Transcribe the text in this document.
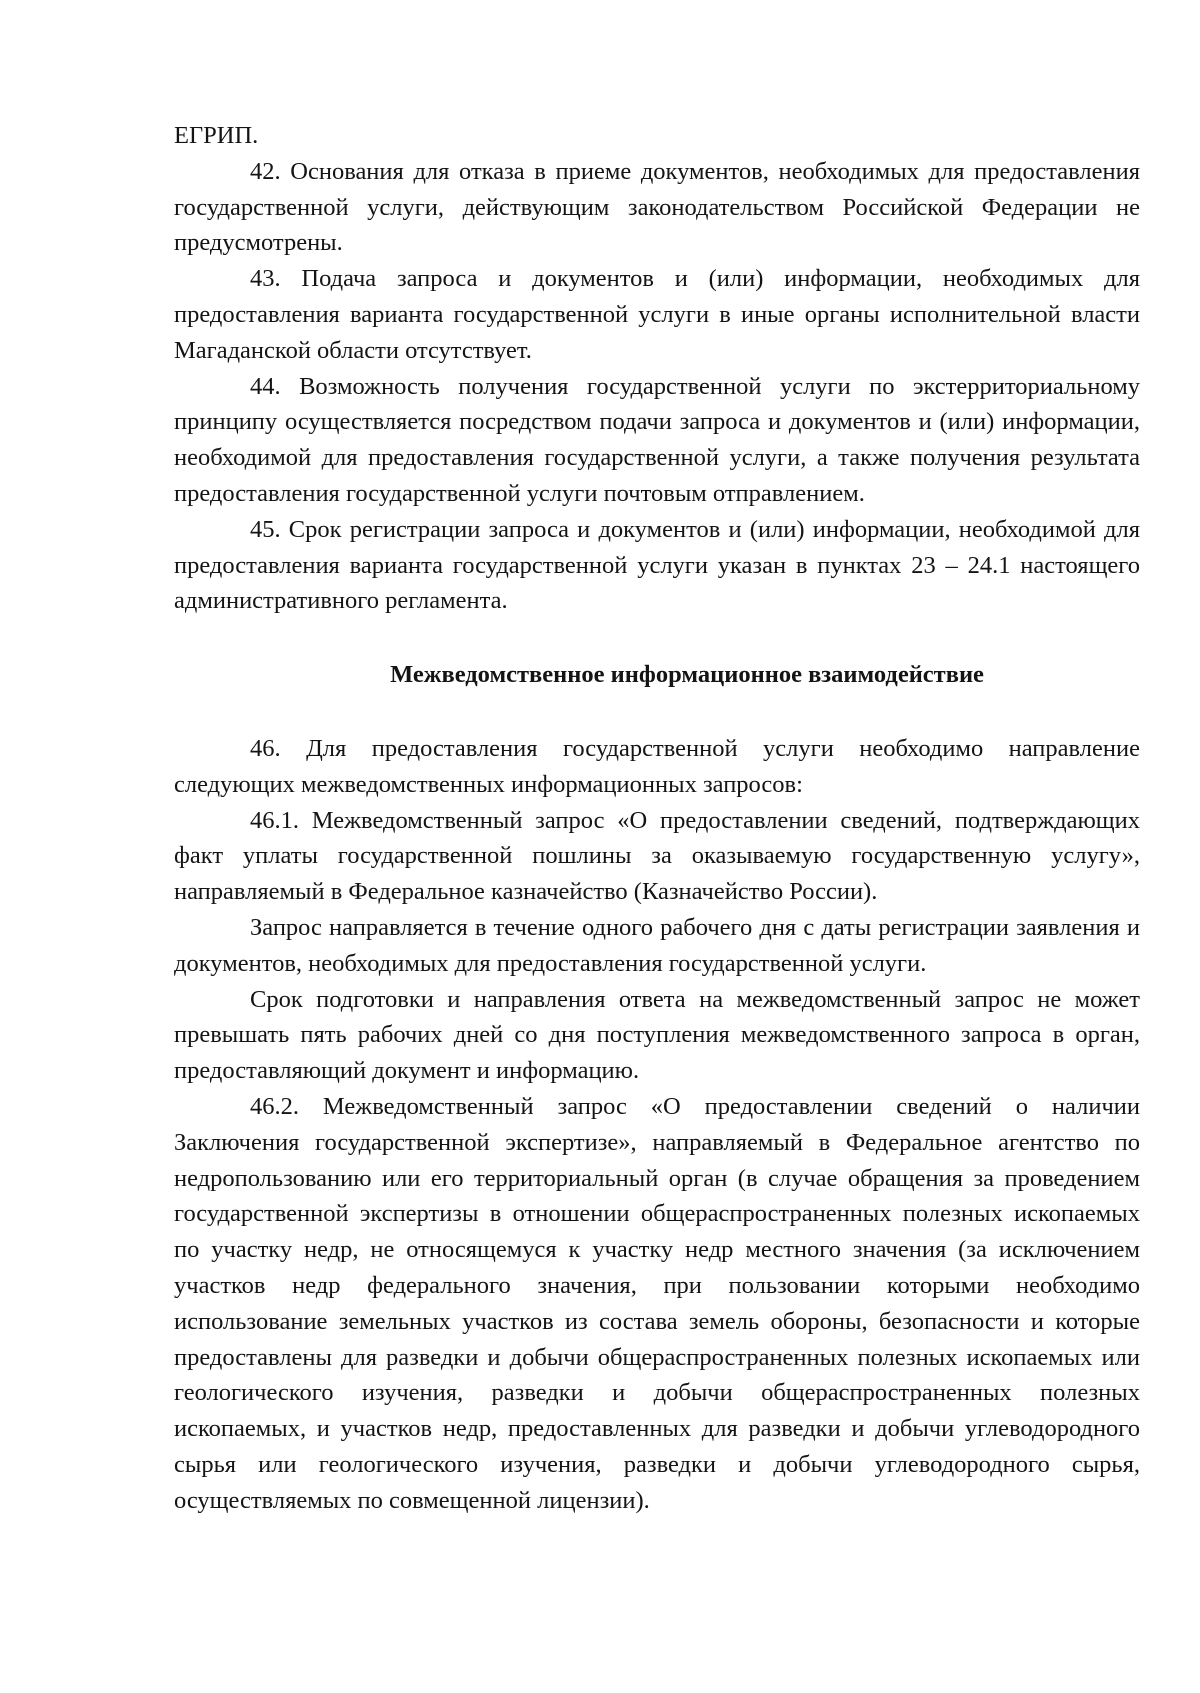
ЕГРИП.

42. Основания для отказа в приеме документов, необходимых для предоставления государственной услуги, действующим законодательством Российской Федерации не предусмотрены.

43. Подача запроса и документов и (или) информации, необходимых для предоставления варианта государственной услуги в иные органы исполнительной власти Магаданской области отсутствует.

44. Возможность получения государственной услуги по экстерриториальному принципу осуществляется посредством подачи запроса и документов и (или) информации, необходимой для предоставления государственной услуги, а также получения результата предоставления государственной услуги почтовым отправлением.

45. Срок регистрации запроса и документов и (или) информации, необходимой для предоставления варианта государственной услуги указан в пунктах 23 – 24.1 настоящего административного регламента.

Межведомственное информационное взаимодействие

46. Для предоставления государственной услуги необходимо направление следующих межведомственных информационных запросов:

46.1. Межведомственный запрос «О предоставлении сведений, подтверждающих факт уплаты государственной пошлины за оказываемую государственную услугу», направляемый в Федеральное казначейство (Казначейство России).

Запрос направляется в течение одного рабочего дня с даты регистрации заявления и документов, необходимых для предоставления государственной услуги.

Срок подготовки и направления ответа на межведомственный запрос не может превышать пять рабочих дней со дня поступления межведомственного запроса в орган, предоставляющий документ и информацию.

46.2. Межведомственный запрос «О предоставлении сведений о наличии Заключения государственной экспертизе», направляемый в Федеральное агентство по недропользованию или его территориальный орган (в случае обращения за проведением государственной экспертизы в отношении общераспространенных полезных ископаемых по участку недр, не относящемуся к участку недр местного значения (за исключением участков недр федерального значения, при пользовании которыми необходимо использование земельных участков из состава земель обороны, безопасности и которые предоставлены для разведки и добычи общераспространенных полезных ископаемых или геологического изучения, разведки и добычи общераспространенных полезных ископаемых, и участков недр, предоставленных для разведки и добычи углеводородного сырья или геологического изучения, разведки и добычи углеводородного сырья, осуществляемых по совмещенной лицензии).
